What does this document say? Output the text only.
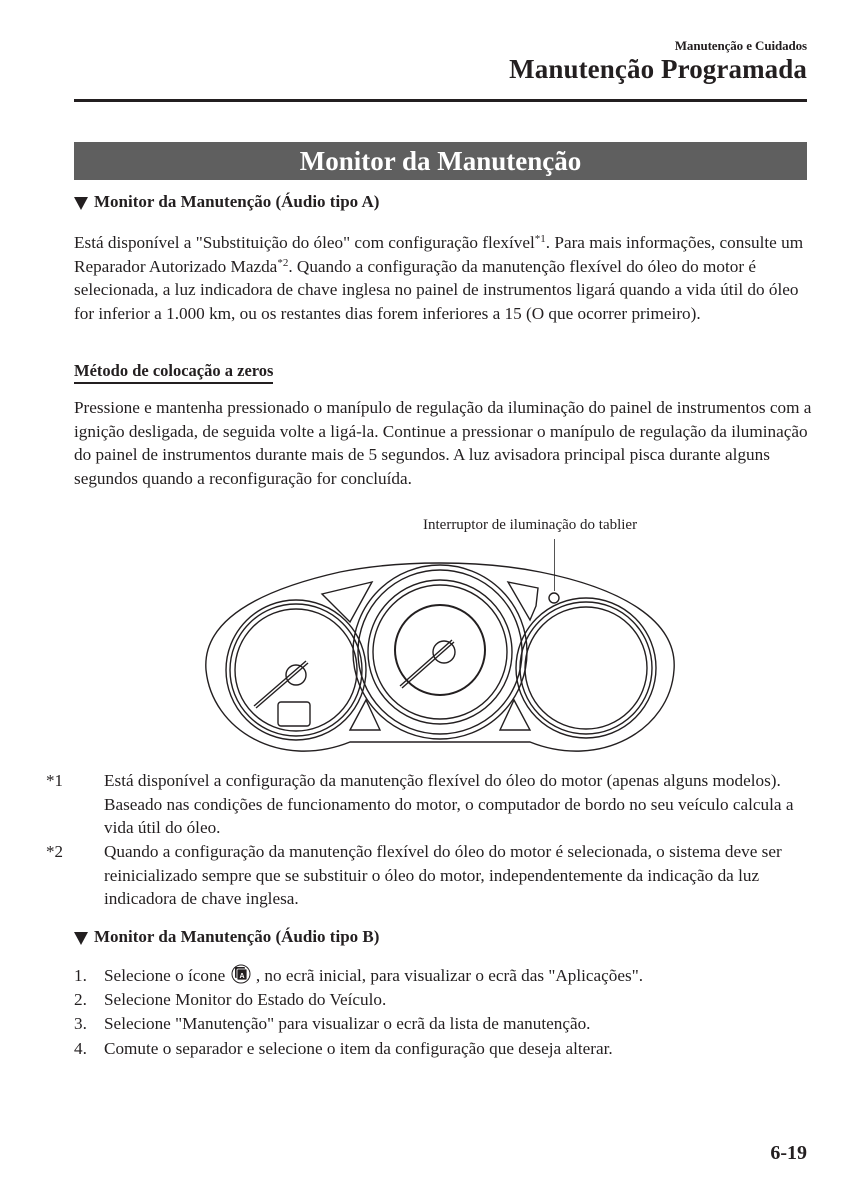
Manutenção e Cuidados
Manutenção Programada
Monitor da Manutenção
Monitor da Manutenção (Áudio tipo A)
Está disponível a "Substituição do óleo" com configuração flexível$^{*1}$. Para mais informações, consulte um Reparador Autorizado Mazda$^{*2}$. Quando a configuração da manutenção flexível do óleo do motor é selecionada, a luz indicadora de chave inglesa no painel de instrumentos ligará quando a vida útil do óleo for inferior a 1.000 km, ou os restantes dias forem inferiores a 15 (O que ocorrer primeiro).
Método de colocação a zeros
Pressione e mantenha pressionado o manípulo de regulação da iluminação do painel de instrumentos com a ignição desligada, de seguida volte a ligá-la. Continue a pressionar o manípulo de regulação da iluminação do painel de instrumentos durante mais de 5 segundos. A luz avisadora principal pisca durante alguns segundos quando a reconfiguração for concluída.
Interruptor de iluminação do tablier
*1	Está disponível a configuração da manutenção flexível do óleo do motor (apenas alguns modelos). Baseado nas condições de funcionamento do motor, o computador de bordo no seu veículo calcula a vida útil do óleo.
*2	Quando a configuração da manutenção flexível do óleo do motor é selecionada, o sistema deve ser reinicializado sempre que se substituir o óleo do motor, independentemente da indicação da luz indicadora de chave inglesa.
Monitor da Manutenção (Áudio tipo B)
1. Selecione o ícone A , no ecrã inicial, para visualizar o ecrã das "Aplicações".
2. Selecione Monitor do Estado do Veículo.
3. Selecione "Manutenção" para visualizar o ecrã da lista de manutenção.
4. Comute o separador e selecione o item da configuração que deseja alterar.
6-19
